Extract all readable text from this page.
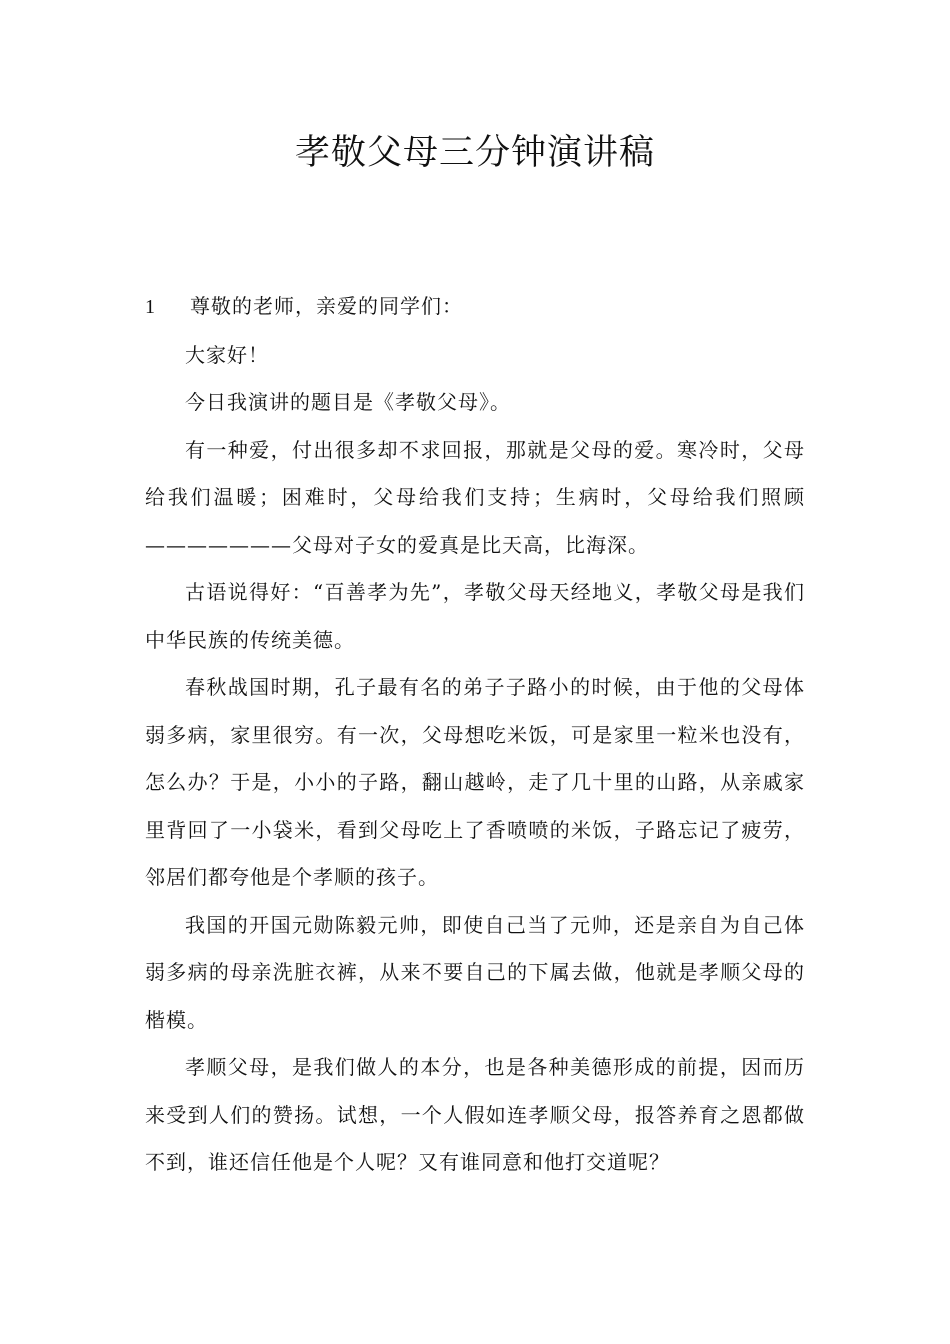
孝敬父母三分钟演讲稿

1 尊敬的老师，亲爱的同学们：

大家好！

今日我演讲的题目是《孝敬父母》。

有一种爱，付出很多却不求回报，那就是父母的爱。寒冷时，父母给我们温暖；困难时，父母给我们支持；生病时，父母给我们照顾———————父母对子女的爱真是比天高，比海深。

古语说得好：“百善孝为先”，孝敬父母天经地义，孝敬父母是我们中华民族的传统美德。

春秋战国时期，孔子最有名的弟子子路小的时候，由于他的父母体弱多病，家里很穷。有一次，父母想吃米饭，可是家里一粒米也没有，怎么办？于是，小小的子路，翻山越岭，走了几十里的山路，从亲戚家里背回了一小袋米，看到父母吃上了香喷喷的米饭，子路忘记了疲劳，邻居们都夸他是个孝顺的孩子。

我国的开国元勋陈毅元帅，即使自己当了元帅，还是亲自为自己体弱多病的母亲洗脏衣裤，从来不要自己的下属去做，他就是孝顺父母的楷模。

孝顺父母，是我们做人的本分，也是各种美德形成的前提，因而历来受到人们的赞扬。试想，一个人假如连孝顺父母，报答养育之恩都做不到，谁还信任他是个人呢？又有谁同意和他打交道呢？
